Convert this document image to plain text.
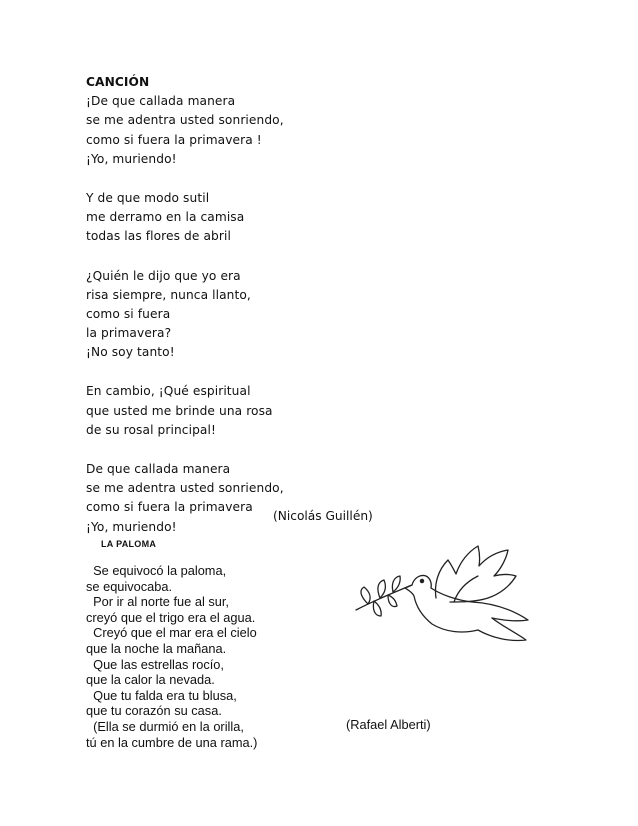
CANCIÓN
¡De que callada manera
se me adentra usted sonriendo,
como si fuera la primavera !
¡Yo, muriendo!
Y de que modo sutil
me derramo en la camisa
todas las flores de abril
¿Quién le dijo que yo era
risa siempre, nunca llanto,
como si fuera
la primavera?
¡No soy tanto!
En cambio, ¡Qué espiritual
que usted me brinde una rosa
de su rosal principal!
De que callada manera
se me adentra usted sonriendo,
como si fuera la primavera
¡Yo, muriendo!
(Nicolás Guillén)
LA PALOMA
Se equivocó la paloma,
se equivocaba.
Por ir al norte fue al sur,
creyó que el trigo era el agua.
Creyó que el mar era el cielo
que la noche la mañana.
Que las estrellas rocío,
que la calor la nevada.
Que tu falda era tu blusa,
que tu corazón su casa.
(Ella se durmió en la orilla,
tú en la cumbre de una rama.)
(Rafael Alberti)
